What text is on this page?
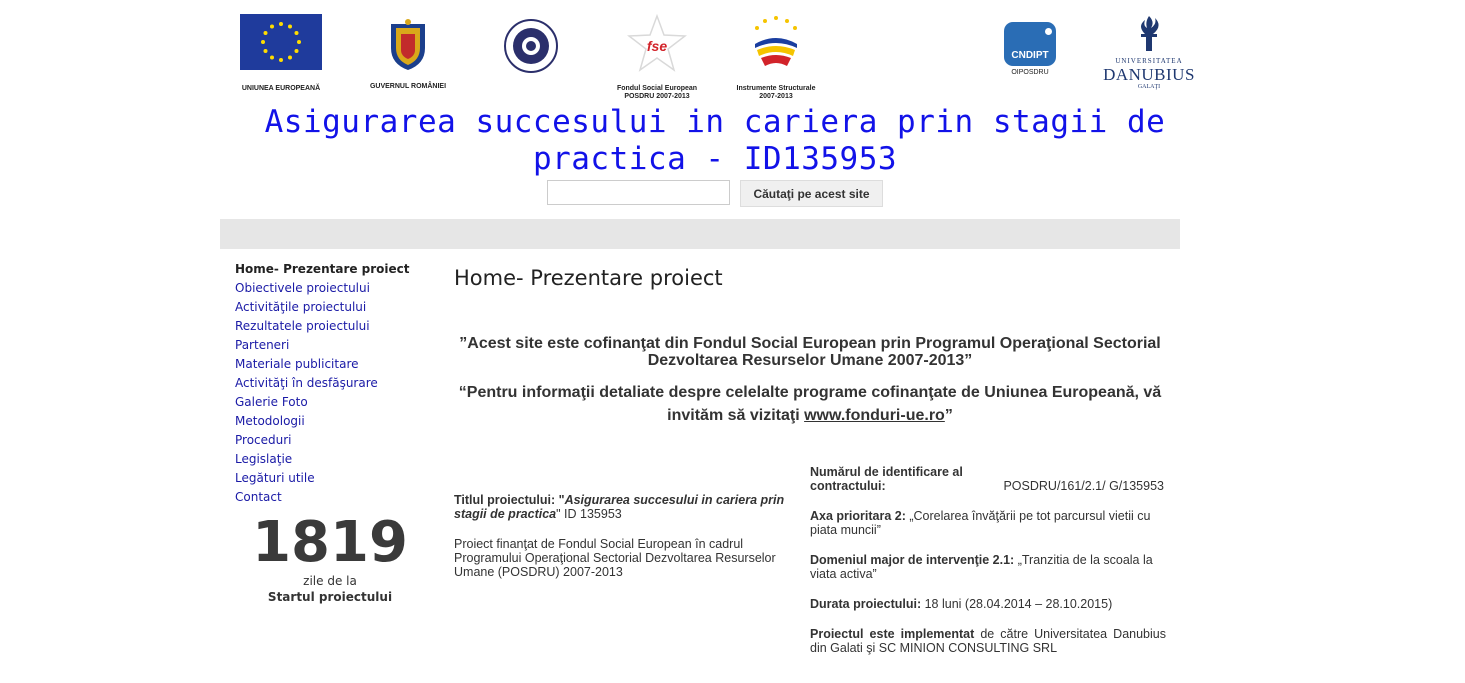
UNIUNEA EUROPEANĂ	GUVERNUL ROMÂNIEI
fse
Fondul Social European
POSDRU 2007-2013
Instrumente Structurale
2007-2013
CNDIPT
OIPOSDRU
UNIVERSITATEA
DANUBIUS
GALAŢI
Asigurarea succesului in cariera prin stagii de practica - ID135953
Căutaţi pe acest site
Home- Prezentare proiect
Obiectivele proiectului
Activităţile proiectului
Rezultatele proiectului
Parteneri
Materiale publicitare
Activităţi în desfăşurare
Galerie Foto
Metodologii
Proceduri
Legislaţie
Legături utile
Contact
1819
zile de la
Startul proiectului
Home- Prezentare proiect
”Acest site este cofinanţat din Fondul Social European prin Programul Operaţional Sectorial Dezvoltarea Resurselor Umane 2007-2013”
“Pentru informaţii detaliate despre celelalte programe cofinanţate de Uniunea Europeană, vă invităm să vizitaţi www.fonduri-ue.ro”

Titlul proiectului: "Asigurarea succesului in cariera prin stagii de practica" ID 135953

Proiect finanţat de Fondul Social European în cadrul Programului Operaţional Sectorial Dezvoltarea Resurselor Umane (POSDRU) 2007-2013

Numărul de identificare al contractului:	POSDRU/161/2.1/ G/135953

Axa prioritara 2: „Corelarea învăţării pe tot parcursul vietii cu piata muncii”

Domeniul major de intervenţie 2.1: „Tranzitia de la scoala la viata activa”

Durata proiectului: 18 luni (28.04.2014 – 28.10.2015)

Proiectul este implementat de către Universitatea Danubius din Galati şi SC MINION CONSULTING SRL
